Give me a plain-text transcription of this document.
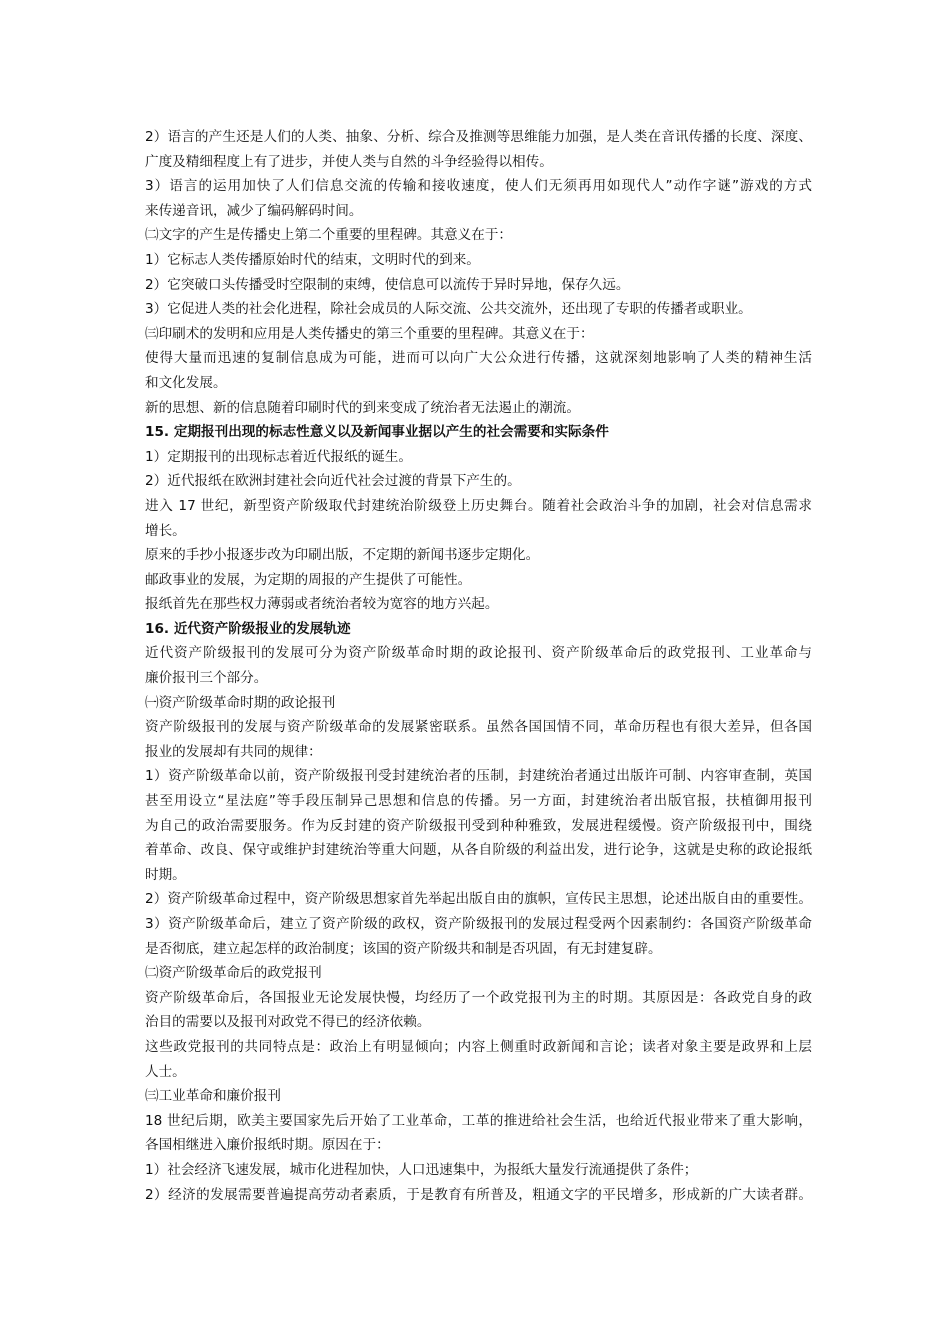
2）语言的产生还是人们的人类、抽象、分析、综合及推测等思维能力加强，是人类在音讯传播的长度、深度、
广度及精细程度上有了进步，并使人类与自然的斗争经验得以相传。
3）语言的运用加快了人们信息交流的传输和接收速度，使人们无须再用如现代人”动作字谜”游戏的方式
来传递音讯，减少了编码解码时间。
㈡文字的产生是传播史上第二个重要的里程碑。其意义在于：
1）它标志人类传播原始时代的结束，文明时代的到来。
2）它突破口头传播受时空限制的束缚，使信息可以流传于异时异地，保存久远。
3）它促进人类的社会化进程，除社会成员的人际交流、公共交流外，还出现了专职的传播者或职业。
㈢印刷术的发明和应用是人类传播史的第三个重要的里程碑。其意义在于：
使得大量而迅速的复制信息成为可能，进而可以向广大公众进行传播，这就深刻地影响了人类的精神生活
和文化发展。
新的思想、新的信息随着印刷时代的到来变成了统治者无法遏止的潮流。
15. 定期报刊出现的标志性意义以及新闻事业据以产生的社会需要和实际条件
1）定期报刊的出现标志着近代报纸的诞生。
2）近代报纸在欧洲封建社会向近代社会过渡的背景下产生的。
进入 17 世纪，新型资产阶级取代封建统治阶级登上历史舞台。随着社会政治斗争的加剧，社会对信息需求
增长。
原来的手抄小报逐步改为印刷出版，不定期的新闻书逐步定期化。
邮政事业的发展，为定期的周报的产生提供了可能性。
报纸首先在那些权力薄弱或者统治者较为宽容的地方兴起。
16. 近代资产阶级报业的发展轨迹
近代资产阶级报刊的发展可分为资产阶级革命时期的政论报刊、资产阶级革命后的政党报刊、工业革命与
廉价报刊三个部分。
㈠资产阶级革命时期的政论报刊
资产阶级报刊的发展与资产阶级革命的发展紧密联系。虽然各国国情不同，革命历程也有很大差异，但各国
报业的发展却有共同的规律：
1）资产阶级革命以前，资产阶级报刊受封建统治者的压制，封建统治者通过出版许可制、内容审查制，英国
甚至用设立“星法庭”等手段压制异己思想和信息的传播。另一方面，封建统治者出版官报，扶植御用报刊
为自己的政治需要服务。作为反封建的资产阶级报刊受到种种雅致，发展进程缓慢。资产阶级报刊中，围绕
着革命、改良、保守或维护封建统治等重大问题，从各自阶级的利益出发，进行论争，这就是史称的政论报纸
时期。
2）资产阶级革命过程中，资产阶级思想家首先举起出版自由的旗帜，宣传民主思想，论述出版自由的重要性。
3）资产阶级革命后，建立了资产阶级的政权，资产阶级报刊的发展过程受两个因素制约：各国资产阶级革命
是否彻底，建立起怎样的政治制度；该国的资产阶级共和制是否巩固，有无封建复辟。
㈡资产阶级革命后的政党报刊
资产阶级革命后，各国报业无论发展快慢，均经历了一个政党报刊为主的时期。其原因是：各政党自身的政
治目的需要以及报刊对政党不得已的经济依赖。
这些政党报刊的共同特点是：政治上有明显倾向；内容上侧重时政新闻和言论；读者对象主要是政界和上层
人士。
㈢工业革命和廉价报刊
18 世纪后期，欧美主要国家先后开始了工业革命，工革的推进给社会生活，也给近代报业带来了重大影响，
各国相继进入廉价报纸时期。原因在于：
1）社会经济飞速发展，城市化进程加快，人口迅速集中，为报纸大量发行流通提供了条件；
2）经济的发展需要普遍提高劳动者素质，于是教育有所普及，粗通文字的平民增多，形成新的广大读者群。
